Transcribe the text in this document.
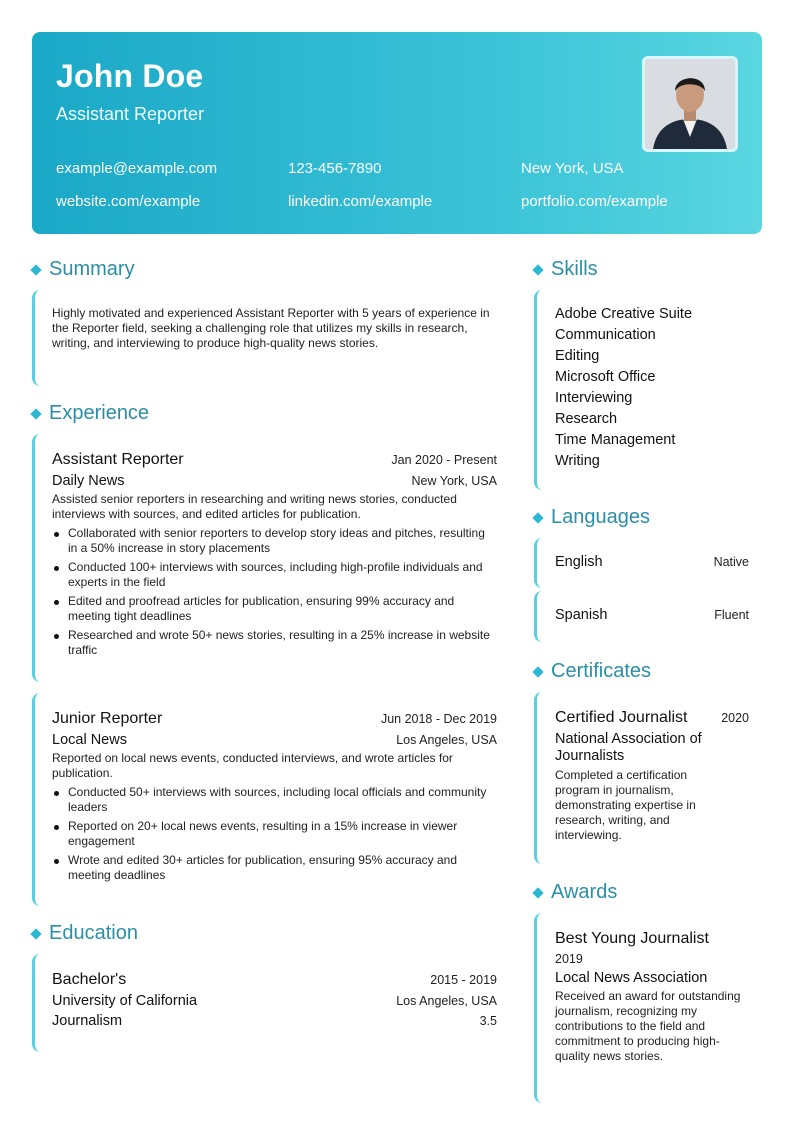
John Doe
Assistant Reporter
example@example.com	123-456-7890	New York, USA
website.com/example	linkedin.com/example	portfolio.com/example
Summary
Highly motivated and experienced Assistant Reporter with 5 years of experience in the Reporter field, seeking a challenging role that utilizes my skills in research, writing, and interviewing to produce high-quality news stories.
Experience
Assistant Reporter	Jan 2020 - Present
Daily News	New York, USA
Assisted senior reporters in researching and writing news stories, conducted interviews with sources, and edited articles for publication.
Collaborated with senior reporters to develop story ideas and pitches, resulting in a 50% increase in story placements
Conducted 100+ interviews with sources, including high-profile individuals and experts in the field
Edited and proofread articles for publication, ensuring 99% accuracy and meeting tight deadlines
Researched and wrote 50+ news stories, resulting in a 25% increase in website traffic
Junior Reporter	Jun 2018 - Dec 2019
Local News	Los Angeles, USA
Reported on local news events, conducted interviews, and wrote articles for publication.
Conducted 50+ interviews with sources, including local officials and community leaders
Reported on 20+ local news events, resulting in a 15% increase in viewer engagement
Wrote and edited 30+ articles for publication, ensuring 95% accuracy and meeting deadlines
Education
Bachelor's	2015 - 2019
University of California	Los Angeles, USA
Journalism	3.5
Skills
Adobe Creative Suite
Communication
Editing
Microsoft Office
Interviewing
Research
Time Management
Writing
Languages
English	Native
Spanish	Fluent
Certificates
Certified Journalist	2020
National Association of Journalists
Completed a certification program in journalism, demonstrating expertise in research, writing, and interviewing.
Awards
Best Young Journalist
2019
Local News Association
Received an award for outstanding journalism, recognizing my contributions to the field and commitment to producing high-quality news stories.
